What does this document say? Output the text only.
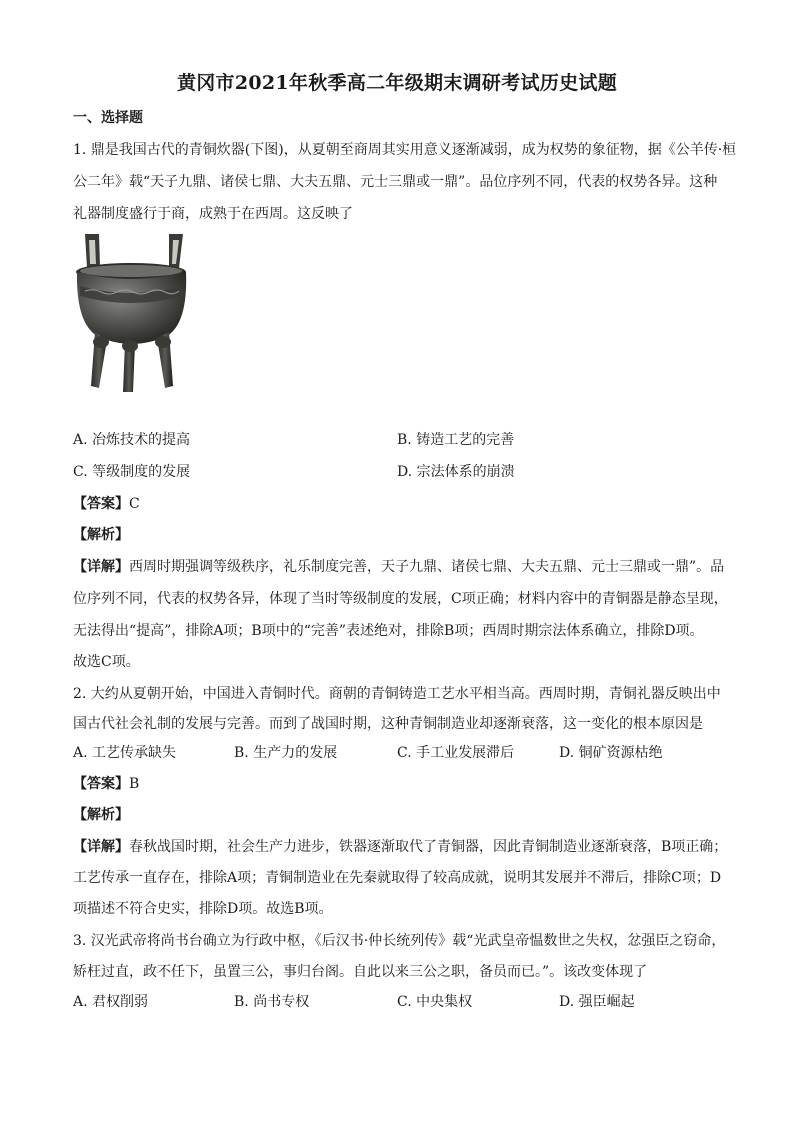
黄冈市2021年秋季高二年级期末调研考试历史试题
一、选择题
1. 鼎是我国古代的青铜炊器(下图)，从夏朝至商周其实用意义逐渐减弱，成为权势的象征物，据《公羊传·桓
公二年》载“天子九鼎、诸侯七鼎、大夫五鼎、元士三鼎或一鼎”。品位序列不同，代表的权势各异。这种
礼器制度盛行于商，成熟于在西周。这反映了
A. 冶炼技术的提高	B. 铸造工艺的完善
C. 等级制度的发展	D. 宗法体系的崩溃
【答案】C
【解析】
【详解】西周时期强调等级秩序，礼乐制度完善，天子九鼎、诸侯七鼎、大夫五鼎、元士三鼎或一鼎”。品
位序列不同，代表的权势各异，体现了当时等级制度的发展，C项正确；材料内容中的青铜器是静态呈现，
无法得出“提高”，排除A项；B项中的“完善”表述绝对，排除B项；西周时期宗法体系确立，排除D项。
故选C项。
2. 大约从夏朝开始，中国进入青铜时代。商朝的青铜铸造工艺水平相当高。西周时期，青铜礼器反映出中
国古代社会礼制的发展与完善。而到了战国时期，这种青铜制造业却逐渐衰落，这一变化的根本原因是
A. 工艺传承缺失	B. 生产力的发展	C. 手工业发展滞后	D. 铜矿资源枯绝
【答案】B
【解析】
【详解】春秋战国时期，社会生产力进步，铁器逐渐取代了青铜器，因此青铜制造业逐渐衰落，B项正确；
工艺传承一直存在，排除A项；青铜制造业在先秦就取得了较高成就，说明其发展并不滞后，排除C项；D
项描述不符合史实，排除D项。故选B项。
3. 汉光武帝将尚书台确立为行政中枢，《后汉书·仲长统列传》载“光武皇帝愠数世之失权，忿强臣之窃命，
矫枉过直，政不任下，虽置三公，事归台阁。自此以来三公之职，备员而已。”。该改变体现了
A. 君权削弱	B. 尚书专权	C. 中央集权	D. 强臣崛起
